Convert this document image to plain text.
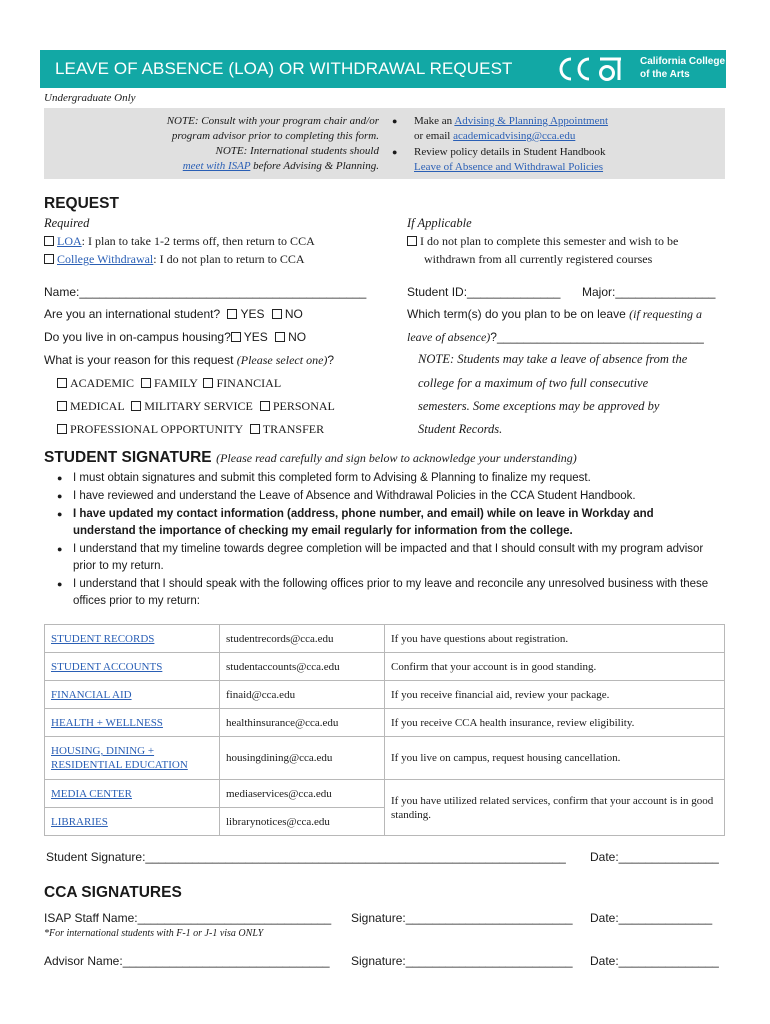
LEAVE OF ABSENCE (LOA) OR WITHDRAWAL REQUEST	California College
of the Arts
Undergraduate Only
NOTE: Consult with your program chair and/or
program advisor prior to completing this form.
NOTE: International students should
meet with ISAP before Advising & Planning.
● Make an Advising & Planning Appointment
or email academicadvising@cca.edu
● Review policy details in Student Handbook
Leave of Absence and Withdrawal Policies
REQUEST
Required
LOA: I plan to take 1-2 terms off, then return to CCA
College Withdrawal: I do not plan to return to CCA
If Applicable
I do not plan to complete this semester and wish to be
withdrawn from all currently registered courses
Name:___________________________________________	Student ID:______________ Major:_______________
Are you an international student? YES NO	Which term(s) do you plan to be on leave (if requesting a
Do you live in on-campus housing? YES NO	leave of absence)?_______________________________
What is your reason for this request (Please select one)?
ACADEMIC FAMILY FINANCIAL
MEDICAL MILITARY SERVICE PERSONAL
PROFESSIONAL OPPORTUNITY TRANSFER
NOTE: Students may take a leave of absence from the
college for a maximum of two full consecutive
semesters. Some exceptions may be approved by
Student Records.
STUDENT SIGNATURE (Please read carefully and sign below to acknowledge your understanding)
● I must obtain signatures and submit this completed form to Advising & Planning to finalize my request.
● I have reviewed and understand the Leave of Absence and Withdrawal Policies in the CCA Student Handbook.
● I have updated my contact information (address, phone number, and email) while on leave in Workday and understand the importance of checking my email regularly for information from the college.
● I understand that my timeline towards degree completion will be impacted and that I should consult with my program advisor prior to my return.
● I understand that I should speak with the following offices prior to my leave and reconcile any unresolved business with these offices prior to my return:
STUDENT RECORDS	studentrecords@cca.edu	If you have questions about registration.
STUDENT ACCOUNTS	studentaccounts@cca.edu	Confirm that your account is in good standing.
FINANCIAL AID	finaid@cca.edu	If you receive financial aid, review your package.
HEALTH + WELLNESS	healthinsurance@cca.edu	If you receive CCA health insurance, review eligibility.
HOUSING, DINING + RESIDENTIAL EDUCATION	housingdining@cca.edu	If you live on campus, request housing cancellation.
MEDIA CENTER	mediaservices@cca.edu	If you have utilized related services, confirm that your account is in good standing.
LIBRARIES	librarynotices@cca.edu	
Student Signature:_______________________________________________________________ Date:_______________
CCA SIGNATURES
ISAP Staff Name:_____________________________ Signature:_________________________ Date:______________
*For international students with F-1 or J-1 visa ONLY
Advisor Name:_______________________________ Signature:_________________________ Date:_______________
